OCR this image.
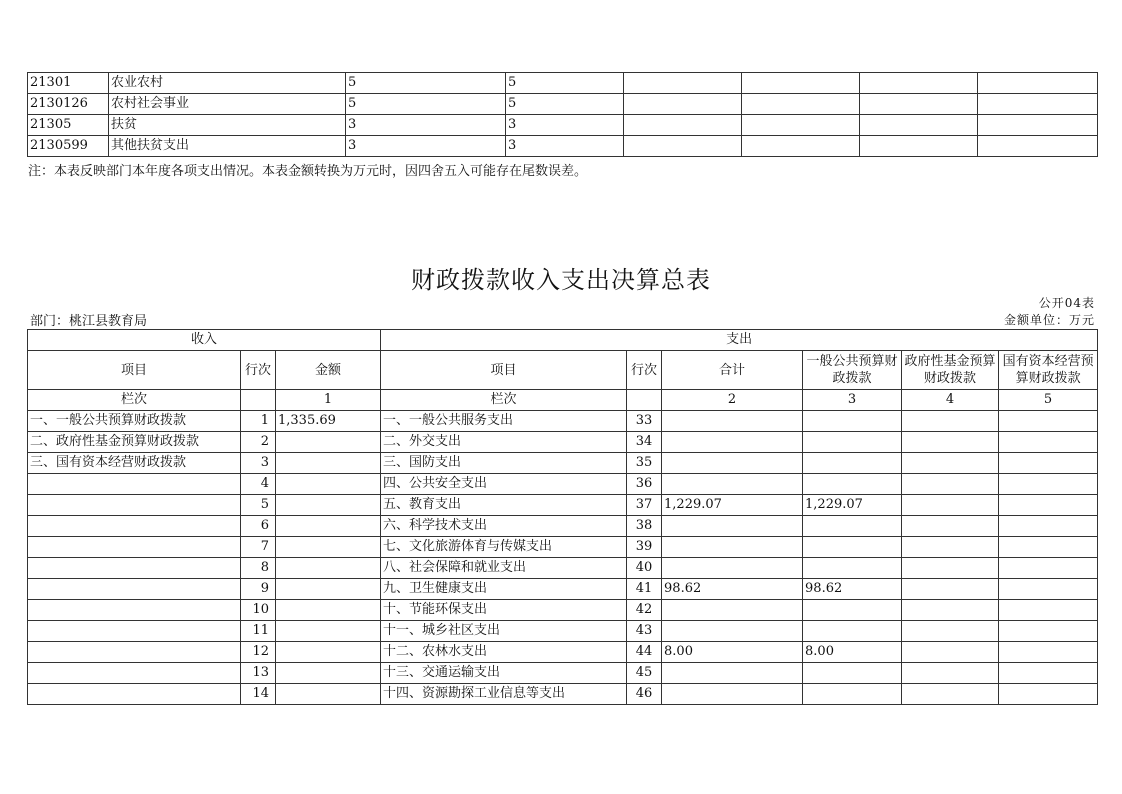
21301	农业农村	5	5				
2130126	农村社会事业	5	5				
21305	扶贫	3	3				
2130599	其他扶贫支出	3	3				
注：本表反映部门本年度各项支出情况。本表金额转换为万元时，因四舍五入可能存在尾数误差。
财政拨款收入支出决算总表
公开04表
部门：桃江县教育局	金额单位：万元
收入			支出					
项目	行次	金额	项目	行次	合计	一般公共预算财政拨款	政府性基金预算财政拨款	国有资本经营预算财政拨款
栏次		1	栏次		2	3	4	5
一、一般公共预算财政拨款	1	1,335.69	一、一般公共服务支出	33				
二、政府性基金预算财政拨款	2		二、外交支出	34				
三、国有资本经营财政拨款	3		三、国防支出	35				
	4		四、公共安全支出	36				
	5		五、教育支出	37	1,229.07	1,229.07		
	6		六、科学技术支出	38				
	7		七、文化旅游体育与传媒支出	39				
	8		八、社会保障和就业支出	40				
	9		九、卫生健康支出	41	98.62	98.62		
	10		十、节能环保支出	42				
	11		十一、城乡社区支出	43				
	12		十二、农林水支出	44	8.00	8.00		
	13		十三、交通运输支出	45				
	14		十四、资源勘探工业信息等支出	46				
